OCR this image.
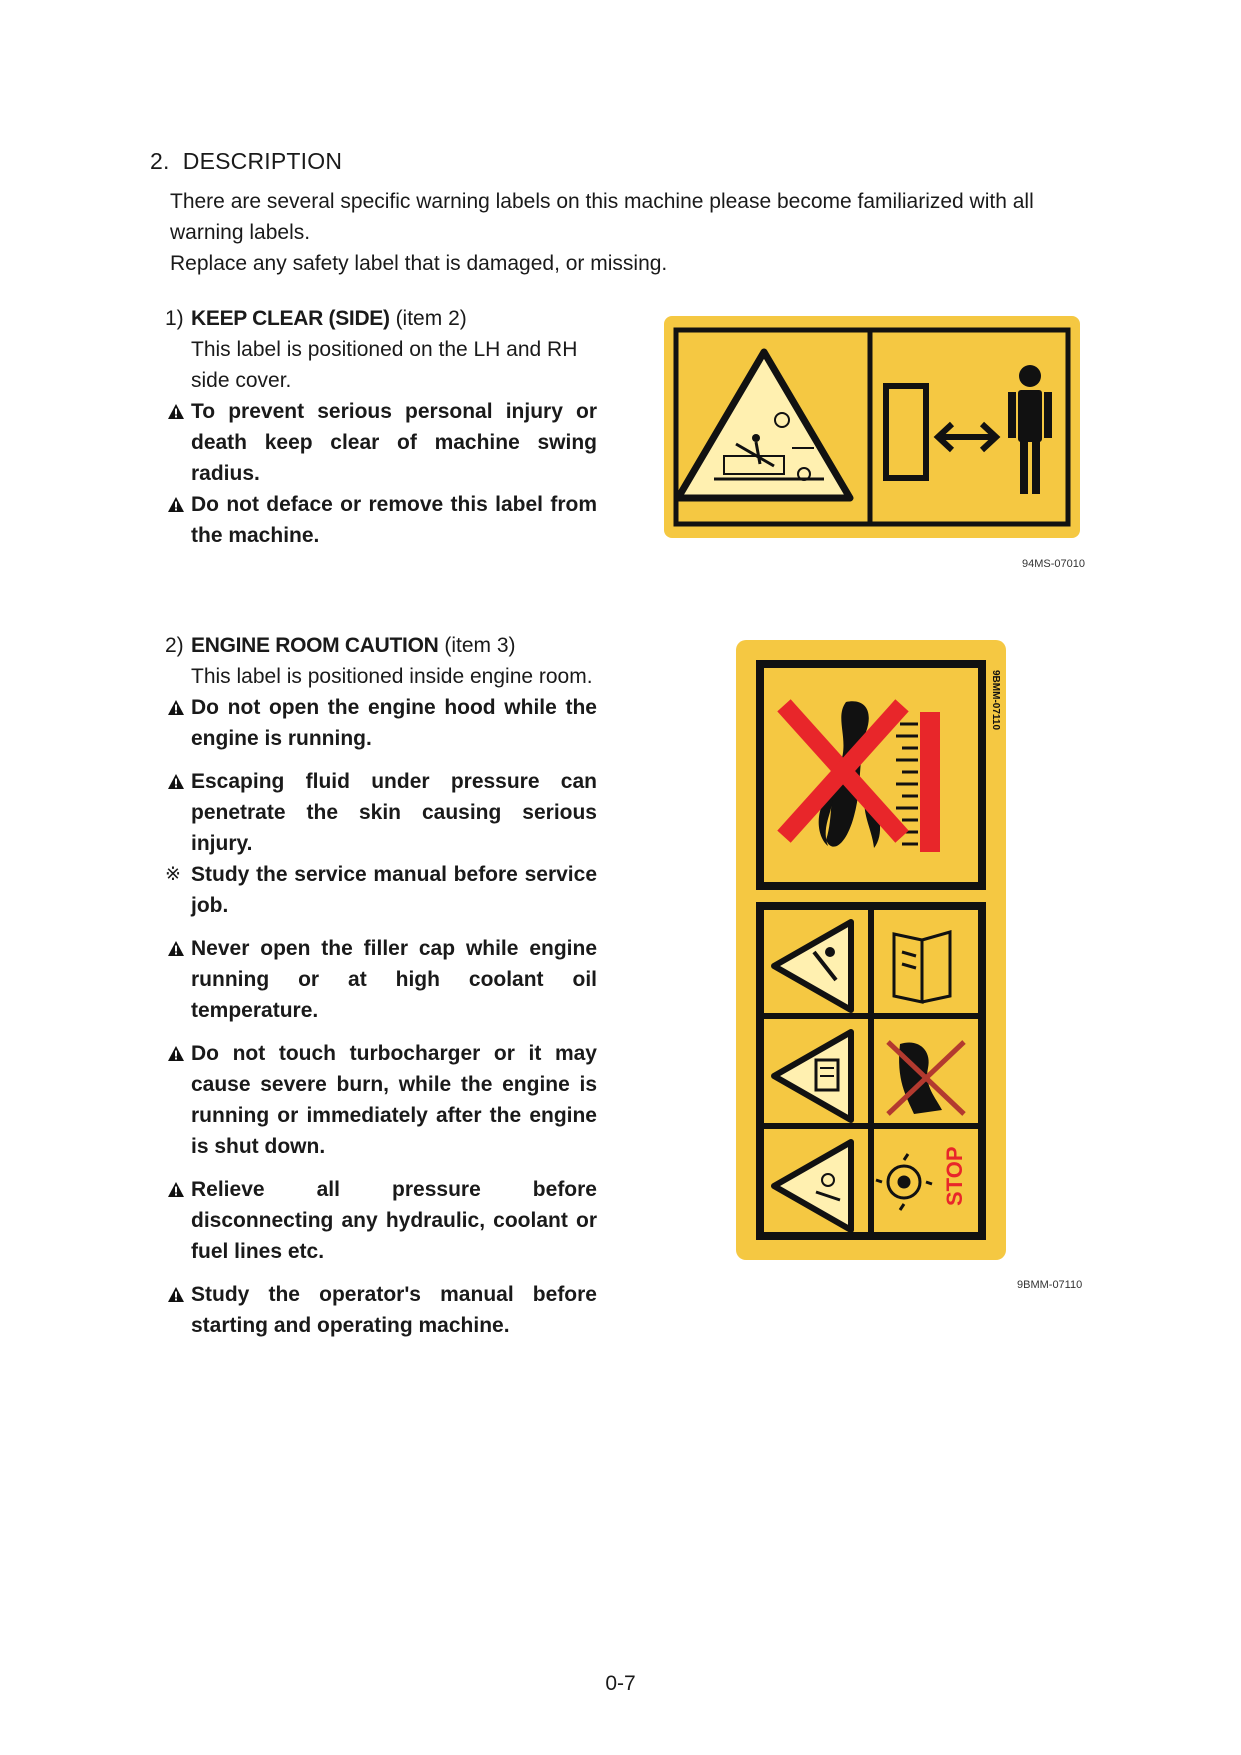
2. DESCRIPTION

There are several specific warning labels on this machine please become familiarized with all warning labels.

Replace any safety label that is damaged, or missing.

1) KEEP CLEAR (SIDE) (item 2)
This label is positioned on the LH and RH side cover.
To prevent serious personal injury or death keep clear of machine swing radius.
Do not deface or remove this label from the machine.
94MS-07010
2) ENGINE ROOM CAUTION (item 3)
This label is positioned inside engine room.
Do not open the engine hood while the engine is running.
Escaping fluid under pressure can penetrate the skin causing serious injury.
※ Study the service manual before service job.
Never open the filler cap while engine running or at high coolant oil temperature.
Do not touch turbocharger or it may cause severe burn, while the engine is running or immediately after the engine is shut down.
Relieve all pressure before disconnecting any hydraulic, coolant or fuel lines etc.
Study the operator's manual before starting and operating machine.
9BMM-07110
STOP
9BMM-07110
0-7
